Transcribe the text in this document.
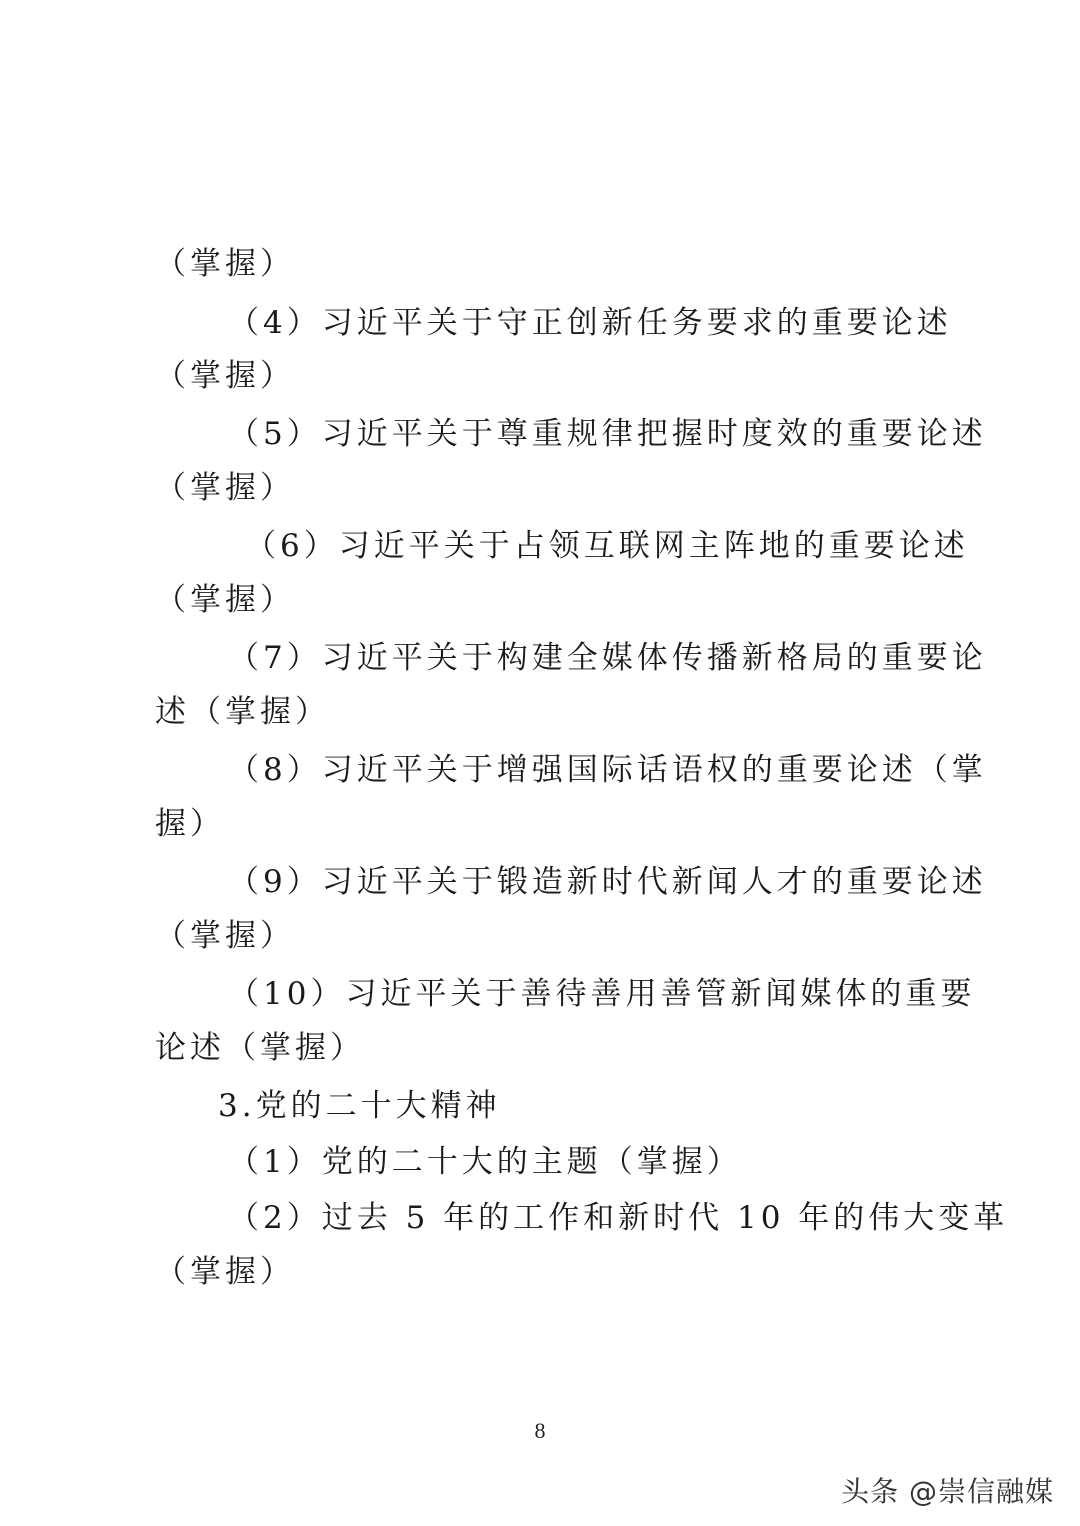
（掌握）
（4）习近平关于守正创新任务要求的重要论述
（掌握）
（5）习近平关于尊重规律把握时度效的重要论述
（掌握）
（6）习近平关于占领互联网主阵地的重要论述
（掌握）
（7）习近平关于构建全媒体传播新格局的重要论
述（掌握）
（8）习近平关于增强国际话语权的重要论述（掌
握）
（9）习近平关于锻造新时代新闻人才的重要论述
（掌握）
（10）习近平关于善待善用善管新闻媒体的重要
论述（掌握）
3.党的二十大精神
（1）党的二十大的主题（掌握）
（2）过去 5 年的工作和新时代 10 年的伟大变革
（掌握）
8
头条 @崇信融媒
